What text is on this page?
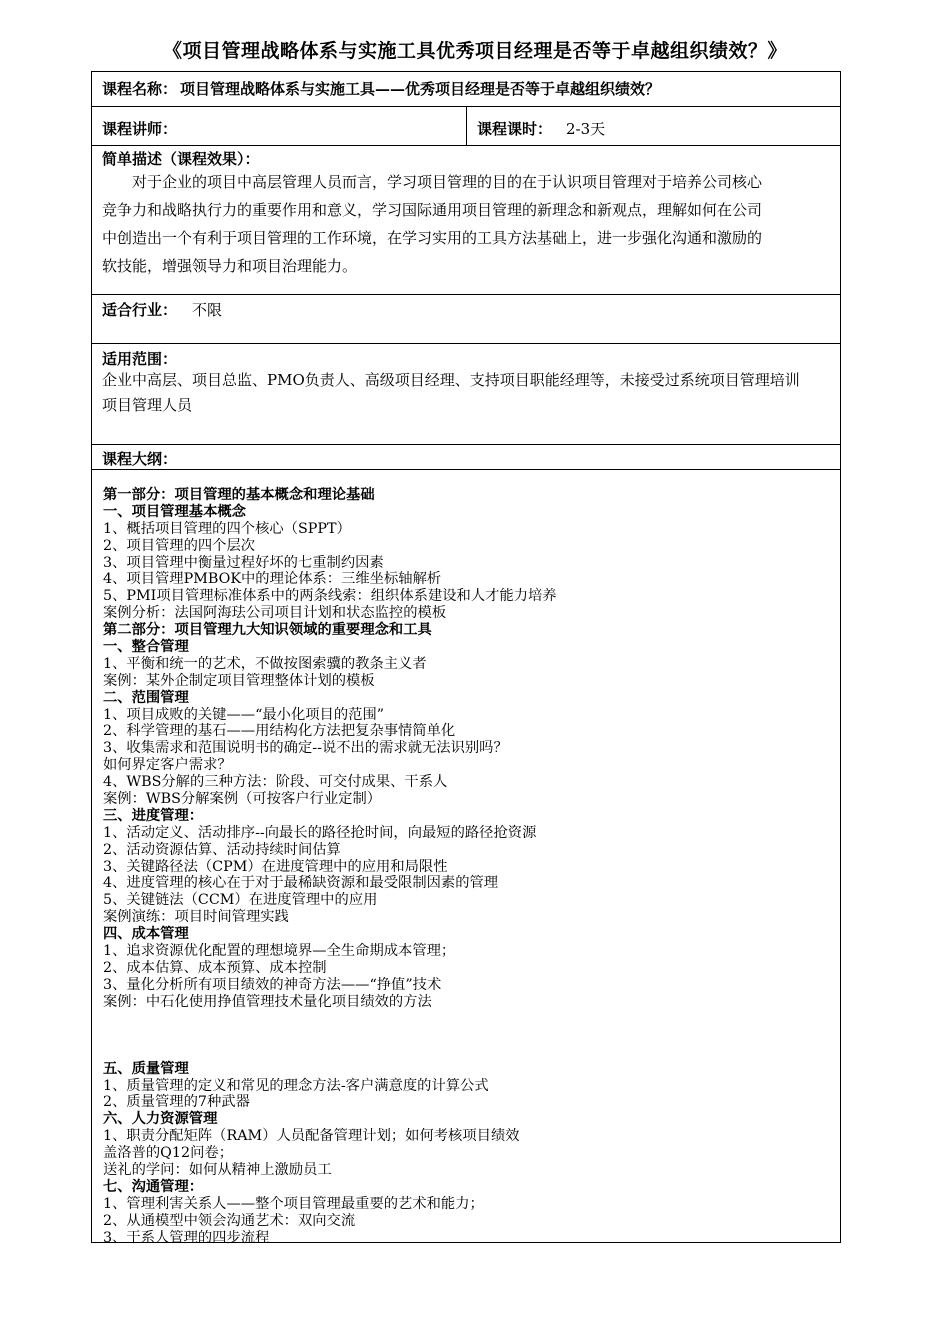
《项目管理战略体系与实施工具优秀项目经理是否等于卓越组织绩效？》
课程名称： 项目管理战略体系与实施工具——优秀项目经理是否等于卓越组织绩效？
课程讲师：	课程课时： 2-3天
简单描述（课程效果）：
对于企业的项目中高层管理人员而言，学习项目管理的目的在于认识项目管理对于培养公司核心
竞争力和战略执行力的重要作用和意义，学习国际通用项目管理的新理念和新观点，理解如何在公司
中创造出一个有利于项目管理的工作环境，在学习实用的工具方法基础上，进一步强化沟通和激励的
软技能，增强领导力和项目治理能力。
适合行业： 不限
适用范围：
企业中高层、项目总监、PMO负责人、高级项目经理、支持项目职能经理等，未接受过系统项目管理培训
项目管理人员
课程大纲：
第一部分：项目管理的基本概念和理论基础
一、项目管理基本概念
1、概括项目管理的四个核心（SPPT）
2、项目管理的四个层次
3、项目管理中衡量过程好坏的七重制约因素
4、项目管理PMBOK中的理论体系：三维坐标轴解析
5、PMI项目管理标准体系中的两条线索：组织体系建设和人才能力培养
案例分析：法国阿海珐公司项目计划和状态监控的模板
第二部分：项目管理九大知识领域的重要理念和工具
一、整合管理
1、平衡和统一的艺术，不做按图索骥的教条主义者
案例：某外企制定项目管理整体计划的模板
二、范围管理
1、项目成败的关键——“最小化项目的范围”
2、科学管理的基石——用结构化方法把复杂事情简单化
3、收集需求和范围说明书的确定--说不出的需求就无法识别吗？
如何界定客户需求？
4、WBS分解的三种方法：阶段、可交付成果、干系人
案例：WBS分解案例（可按客户行业定制）
三、进度管理：
1、活动定义、活动排序--向最长的路径抢时间，向最短的路径抢资源
2、活动资源估算、活动持续时间估算
3、关键路径法（CPM）在进度管理中的应用和局限性
4、进度管理的核心在于对于最稀缺资源和最受限制因素的管理
5、关键链法（CCM）在进度管理中的应用
案例演练：项目时间管理实践
四、成本管理
1、追求资源优化配置的理想境界—全生命期成本管理；
2、成本估算、成本预算、成本控制
3、量化分析所有项目绩效的神奇方法——“挣值”技术
案例：中石化使用挣值管理技术量化项目绩效的方法
五、质量管理
1、质量管理的定义和常见的理念方法-客户满意度的计算公式
2、质量管理的7种武器
六、人力资源管理
1、职责分配矩阵（RAM）人员配备管理计划；如何考核项目绩效
盖洛普的Q12问卷；
送礼的学问：如何从精神上激励员工
七、沟通管理：
1、管理利害关系人——整个项目管理最重要的艺术和能力；
2、从通模型中领会沟通艺术：双向交流
3、干系人管理的四步流程
